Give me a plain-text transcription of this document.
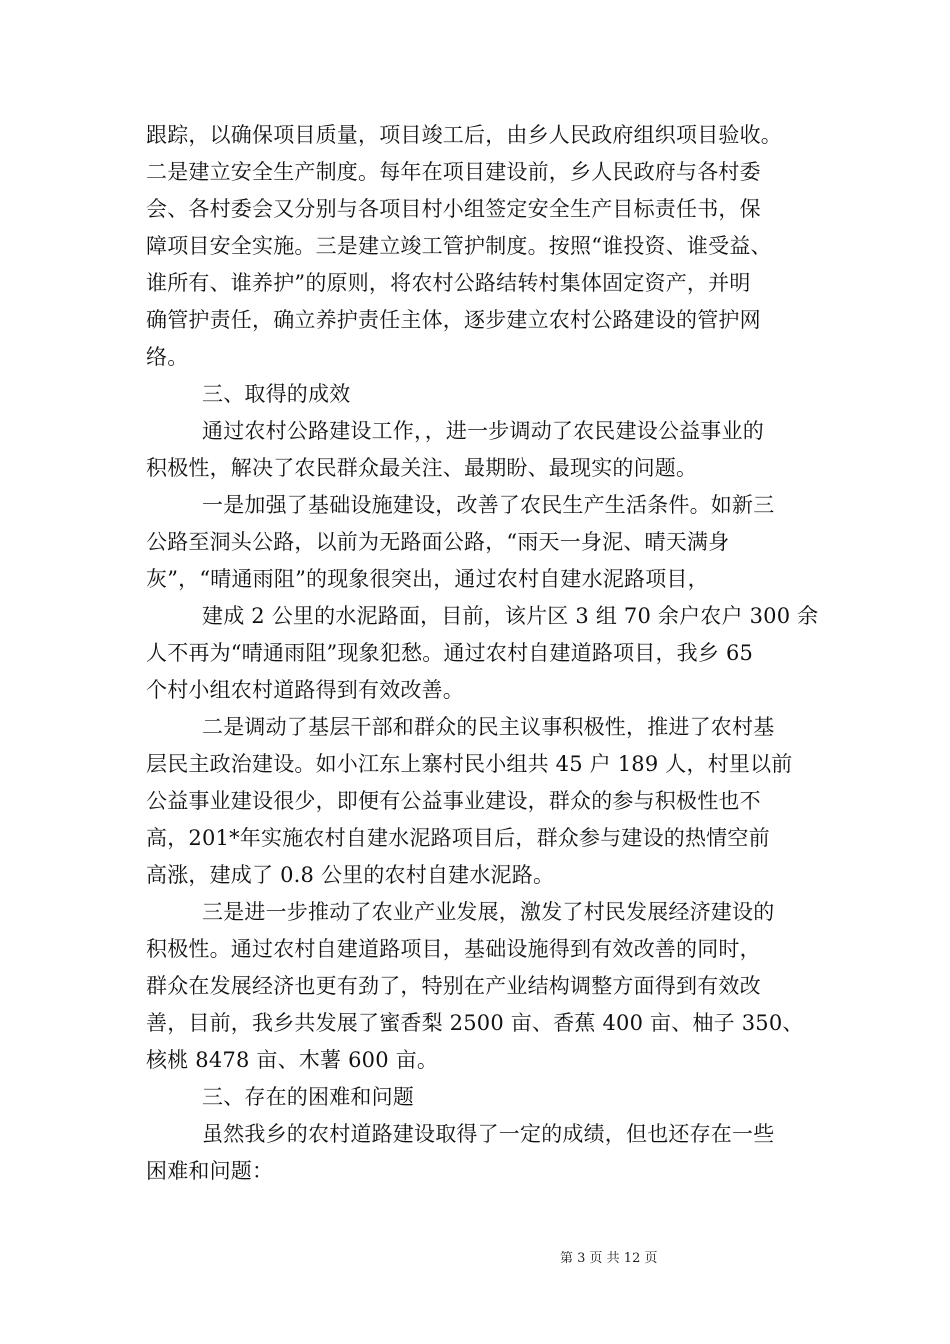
跟踪，以确保项目质量，项目竣工后，由乡人民政府组织项目验收。
二是建立安全生产制度。每年在项目建设前，乡人民政府与各村委
会、各村委会又分别与各项目村小组签定安全生产目标责任书，保
障项目安全实施。三是建立竣工管护制度。按照“谁投资、谁受益、
谁所有、谁养护”的原则，将农村公路结转村集体固定资产，并明
确管护责任，确立养护责任主体，逐步建立农村公路建设的管护网
络。
三、取得的成效
通过农村公路建设工作，，进一步调动了农民建设公益事业的
积极性，解决了农民群众最关注、最期盼、最现实的问题。
一是加强了基础设施建设，改善了农民生产生活条件。如新三
公路至洞头公路，以前为无路面公路，“雨天一身泥、晴天满身
灰”，“晴通雨阻”的现象很突出，通过农村自建水泥路项目，
建成 2 公里的水泥路面，目前，该片区 3 组 70 余户农户 300 余
人不再为“晴通雨阻”现象犯愁。通过农村自建道路项目，我乡 65
个村小组农村道路得到有效改善。
二是调动了基层干部和群众的民主议事积极性，推进了农村基
层民主政治建设。如小江东上寨村民小组共 45 户 189 人，村里以前
公益事业建设很少，即便有公益事业建设，群众的参与积极性也不
高，201*年实施农村自建水泥路项目后，群众参与建设的热情空前
高涨，建成了 0.8 公里的农村自建水泥路。
三是进一步推动了农业产业发展，激发了村民发展经济建设的
积极性。通过农村自建道路项目，基础设施得到有效改善的同时，
群众在发展经济也更有劲了，特别在产业结构调整方面得到有效改
善，目前，我乡共发展了蜜香梨 2500 亩、香蕉 400 亩、柚子 350、
核桃 8478 亩、木薯 600 亩。
三、存在的困难和问题
虽然我乡的农村道路建设取得了一定的成绩，但也还存在一些
困难和问题：
第 3 页 共 12 页
